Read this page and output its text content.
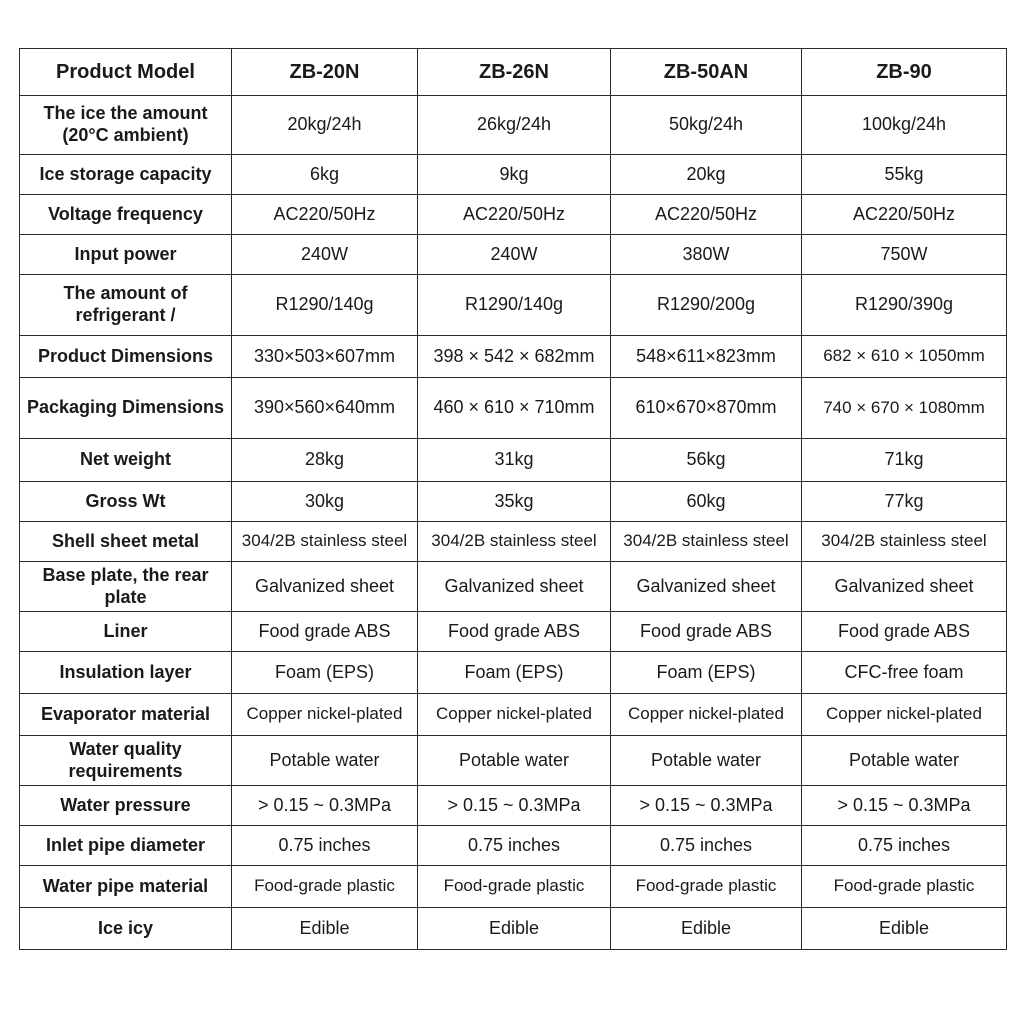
Product Model	ZB-20N	ZB-26N	ZB-50AN	ZB-90
The ice the amount (20°C ambient)	20kg/24h	26kg/24h	50kg/24h	100kg/24h
Ice storage capacity	6kg	9kg	20kg	55kg
Voltage frequency	AC220/50Hz	AC220/50Hz	AC220/50Hz	AC220/50Hz
Input power	240W	240W	380W	750W
The amount of refrigerant /	R1290/140g	R1290/140g	R1290/200g	R1290/390g
Product Dimensions	330×503×607mm	398 × 542 × 682mm	548×611×823mm	682 × 610 × 1050mm
Packaging Dimensions	390×560×640mm	460 × 610 × 710mm	610×670×870mm	740 × 670 × 1080mm
Net weight	28kg	31kg	56kg	71kg
Gross Wt	30kg	35kg	60kg	77kg
Shell sheet metal	304/2B stainless steel	304/2B stainless steel	304/2B stainless steel	304/2B stainless steel
Base plate, the rear plate	Galvanized sheet	Galvanized sheet	Galvanized sheet	Galvanized sheet
Liner	Food grade ABS	Food grade ABS	Food grade ABS	Food grade ABS
Insulation layer	Foam (EPS)	Foam (EPS)	Foam (EPS)	CFC-free foam
Evaporator material	Copper nickel-plated	Copper nickel-plated	Copper nickel-plated	Copper nickel-plated
Water quality requirements	Potable water	Potable water	Potable water	Potable water
Water pressure	> 0.15 ~ 0.3MPa	> 0.15 ~ 0.3MPa	> 0.15 ~ 0.3MPa	> 0.15 ~ 0.3MPa
Inlet pipe diameter	0.75 inches	0.75 inches	0.75 inches	0.75 inches
Water pipe material	Food-grade plastic	Food-grade plastic	Food-grade plastic	Food-grade plastic
Ice icy	Edible	Edible	Edible	Edible
